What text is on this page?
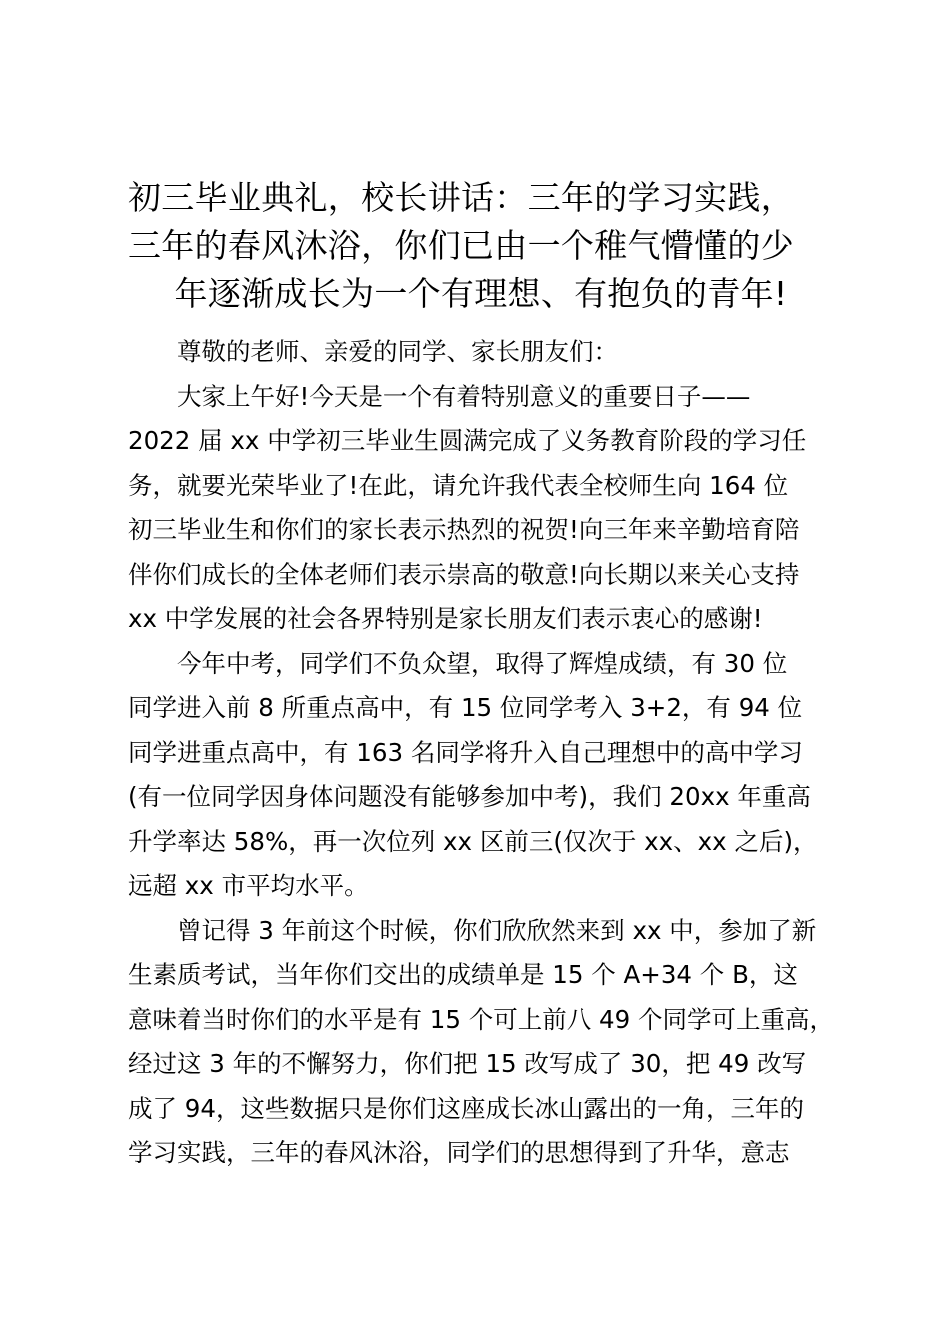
初三毕业典礼，校长讲话：三年的学习实践，
三年的春风沐浴，你们已由一个稚气懵懂的少
年逐渐成长为一个有理想、有抱负的青年!

尊敬的老师、亲爱的同学、家长朋友们：

大家上午好!今天是一个有着特别意义的重要日子——
2022 届 xx 中学初三毕业生圆满完成了义务教育阶段的学习任
务，就要光荣毕业了!在此，请允许我代表全校师生向 164 位
初三毕业生和你们的家长表示热烈的祝贺!向三年来辛勤培育陪
伴你们成长的全体老师们表示崇高的敬意!向长期以来关心支持
xx 中学发展的社会各界特别是家长朋友们表示衷心的感谢!

今年中考，同学们不负众望，取得了辉煌成绩，有 30 位
同学进入前 8 所重点高中，有 15 位同学考入 3+2，有 94 位
同学进重点高中，有 163 名同学将升入自己理想中的高中学习
(有一位同学因身体问题没有能够参加中考)，我们 20xx 年重高
升学率达 58%，再一次位列 xx 区前三(仅次于 xx、xx 之后)，
远超 xx 市平均水平。

曾记得 3 年前这个时候，你们欣欣然来到 xx 中，参加了新
生素质考试，当年你们交出的成绩单是 15 个 A+34 个 B，这
意味着当时你们的水平是有 15 个可上前八 49 个同学可上重高，
经过这 3 年的不懈努力，你们把 15 改写成了 30，把 49 改写
成了 94，这些数据只是你们这座成长冰山露出的一角，三年的
学习实践，三年的春风沐浴，同学们的思想得到了升华，意志
